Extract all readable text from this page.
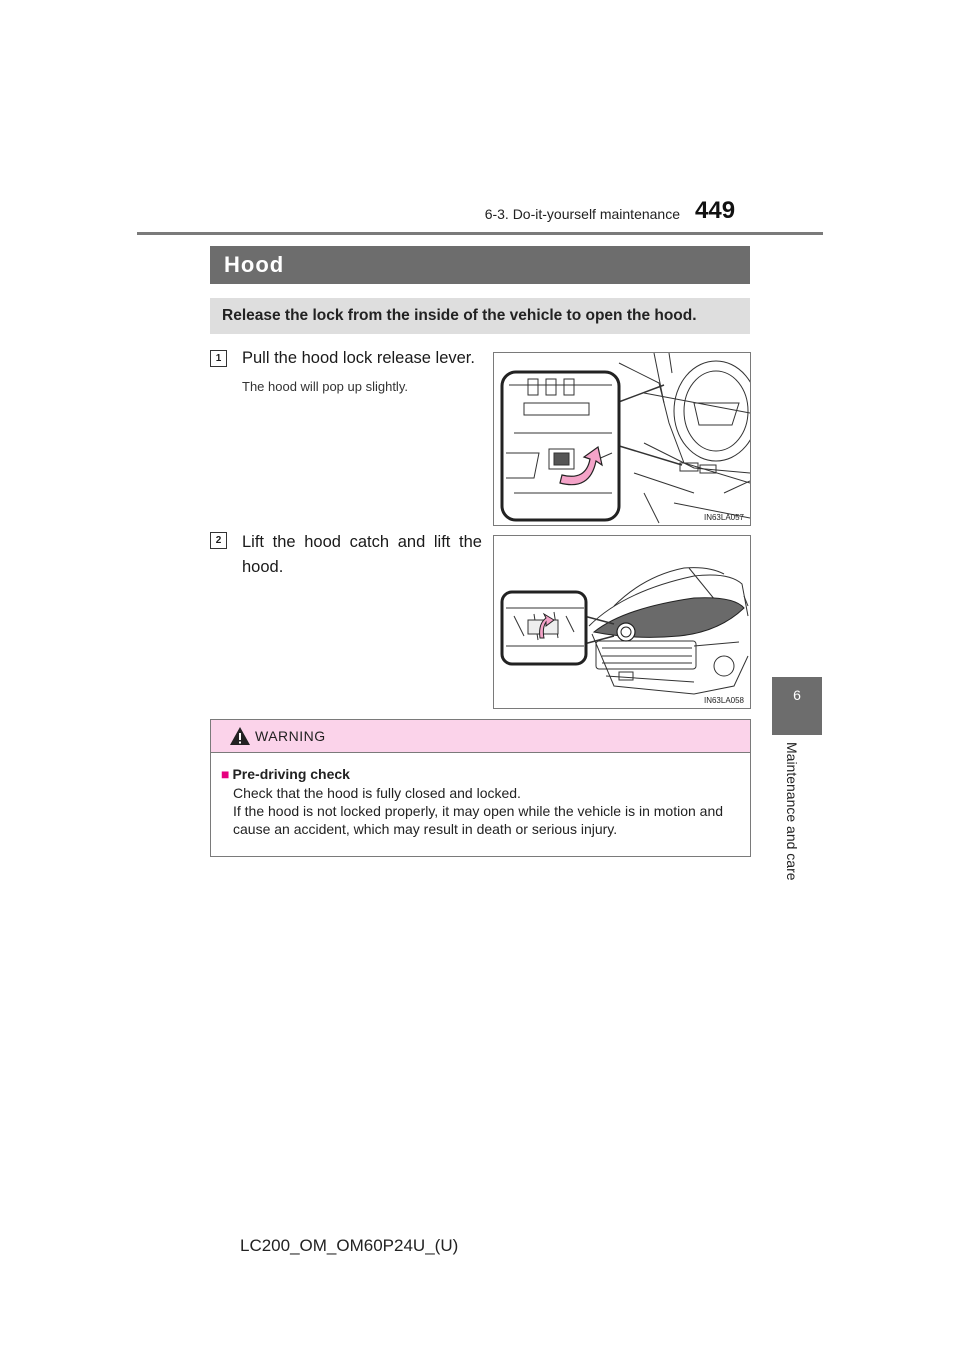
6-3. Do-it-yourself maintenance 449
Hood
Release the lock from the inside of the vehicle to open the hood.
1	Pull the hood lock release lever.
The hood will pop up slightly.
IN63LA057
2	Lift the hood catch and lift the hood.
IN63LA058
WARNING
■ Pre-driving check
Check that the hood is fully closed and locked.
If the hood is not locked properly, it may open while the vehicle is in motion and cause an accident, which may result in death or serious injury.
6
Maintenance and care
LC200_OM_OM60P24U_(U)
